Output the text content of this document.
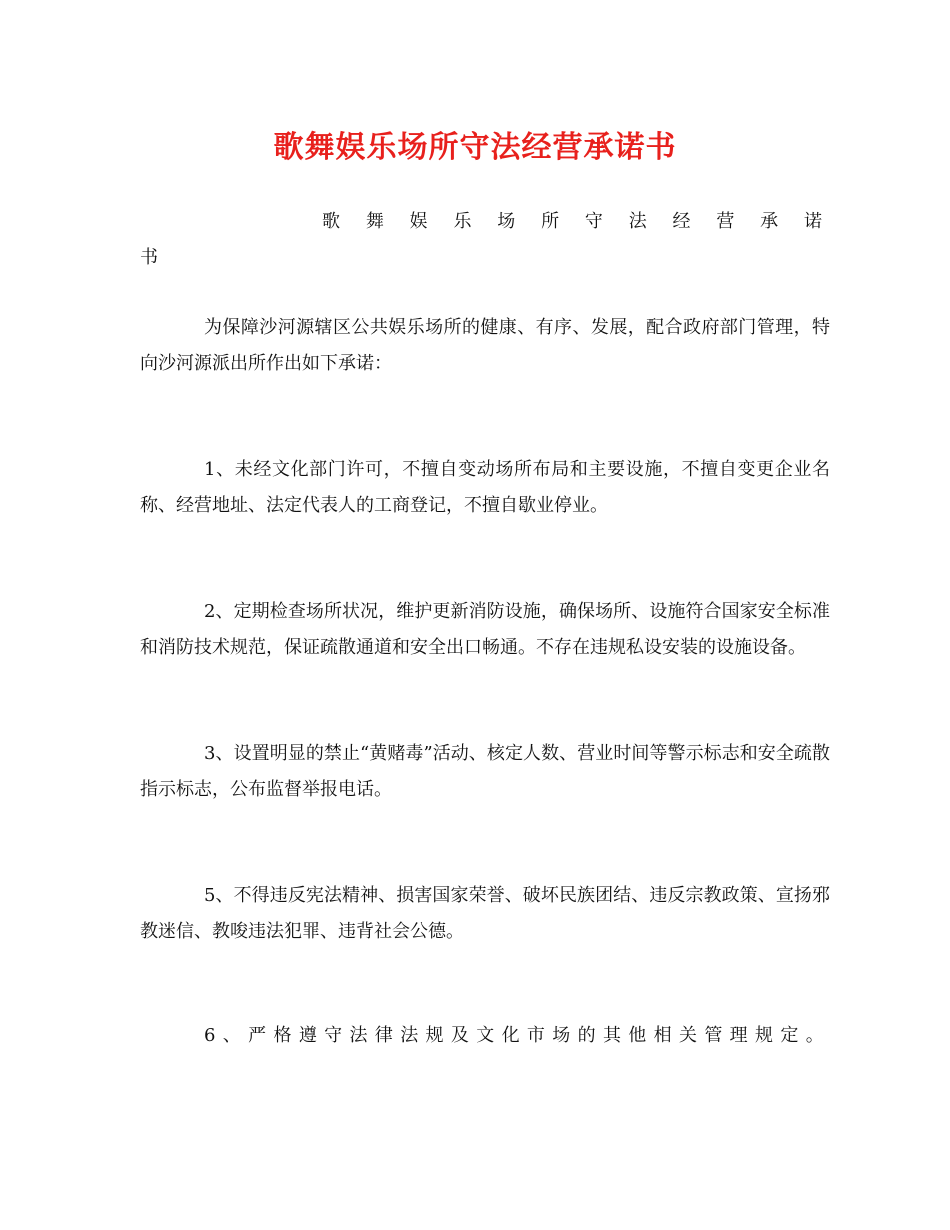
歌舞娱乐场所守法经营承诺书
歌 舞 娱 乐 场 所 守 法 经 营 承 诺
书

为保障沙河源辖区公共娱乐场所的健康、有序、发展，配合政府部门管理，特向沙河源派出所作出如下承诺：

1、未经文化部门许可，不擅自变动场所布局和主要设施，不擅自变更企业名称、经营地址、法定代表人的工商登记，不擅自歇业停业。

2、定期检查场所状况，维护更新消防设施，确保场所、设施符合国家安全标准和消防技术规范，保证疏散通道和安全出口畅通。不存在违规私设安装的设施设备。

3、设置明显的禁止“黄赌毒”活动、核定人数、营业时间等警示标志和安全疏散指示标志，公布监督举报电话。

5、不得违反宪法精神、损害国家荣誉、破坏民族团结、违反宗教政策、宣扬邪教迷信、教唆违法犯罪、违背社会公德。

6 、 严 格 遵 守 法 律 法 规 及 文 化 市 场 的 其 他 相 关 管 理 规 定 。
